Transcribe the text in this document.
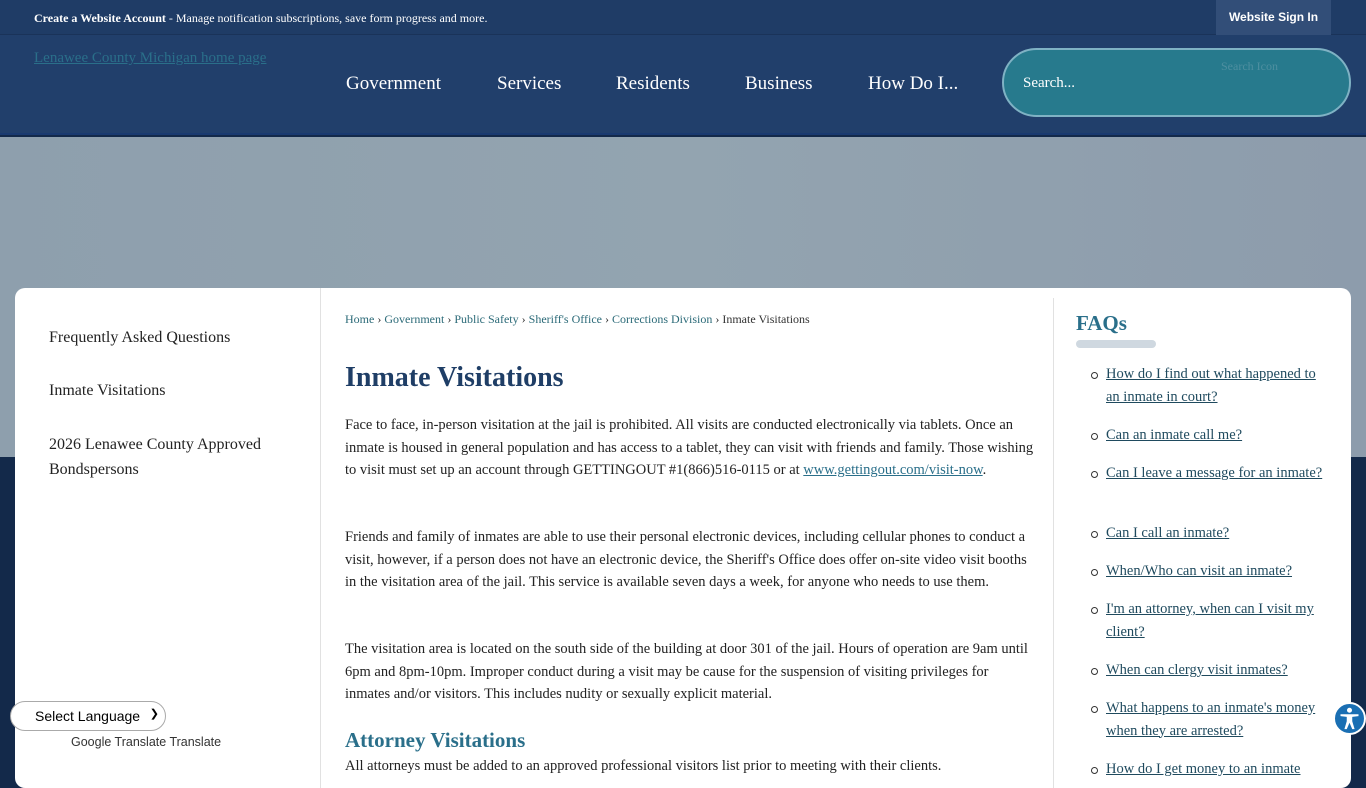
Create a Website Account - Manage notification subscriptions, save form progress and more.	Website Sign In
Lenawee County Michigan home page
Government	Services	Residents	Business	How Do I...	Search...
Search Icon
Frequently Asked Questions
Inmate Visitations
2026 Lenawee County Approved Bondspersons
Home › Government › Public Safety › Sheriff's Office › Corrections Division › Inmate Visitations
Inmate Visitations
Face to face, in-person visitation at the jail is prohibited. All visits are conducted electronically via tablets. Once an inmate is housed in general population and has access to a tablet, they can visit with friends and family. Those wishing to visit must set up an account through GETTINGOUT #1(866)516-0115 or at www.gettingout.com/visit-now.
Friends and family of inmates are able to use their personal electronic devices, including cellular phones to conduct a visit, however, if a person does not have an electronic device, the Sheriff's Office does offer on-site video visit booths in the visitation area of the jail. This service is available seven days a week, for anyone who needs to use them.
The visitation area is located on the south side of the building at door 301 of the jail. Hours of operation are 9am until 6pm and 8pm-10pm. Improper conduct during a visit may be cause for the suspension of visiting privileges for inmates and/or visitors. This includes nudity or sexually explicit material.
Attorney Visitations
All attorneys must be added to an approved professional visitors list prior to meeting with their clients.
FAQs
How do I find out what happened to an inmate in court?
Can an inmate call me?
Can I leave a message for an inmate?
Can I call an inmate?
When/Who can visit an inmate?
I'm an attorney, when can I visit my client?
When can clergy visit inmates?
What happens to an inmate's money when they are arrested?
How do I get money to an inmate
Select Language ❯
Google Translate Translate
